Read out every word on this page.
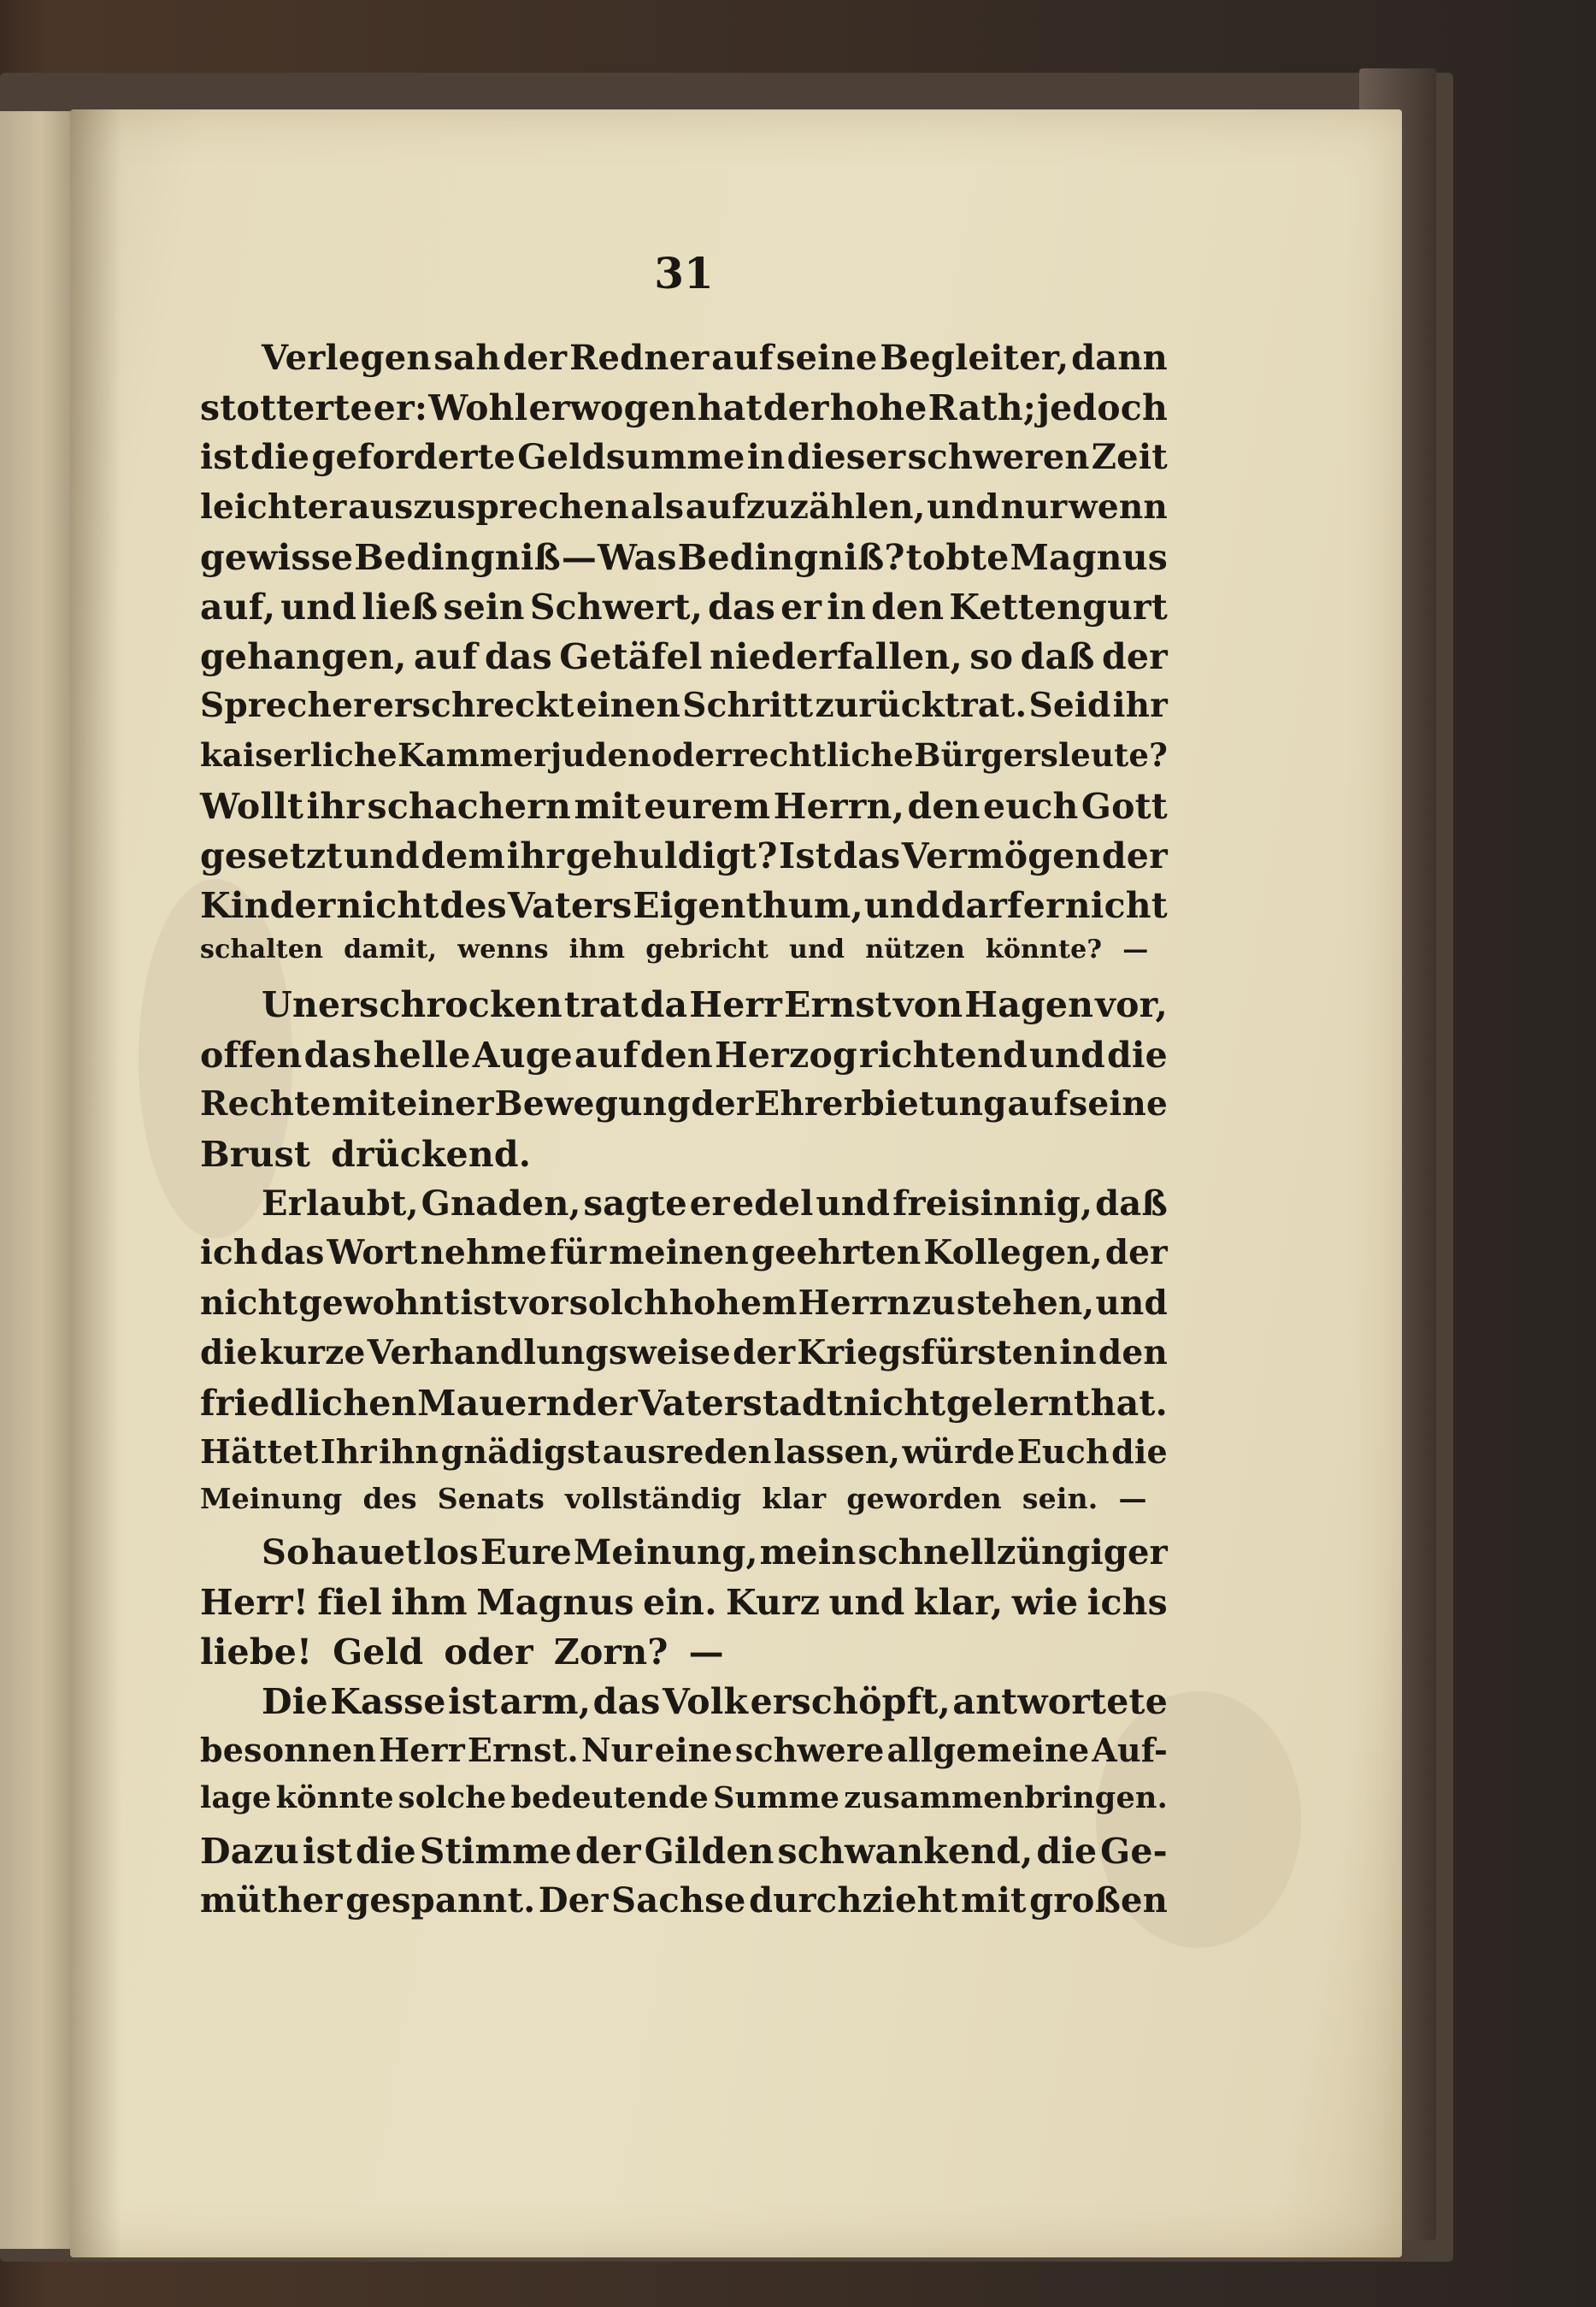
31
Verlegen sah der Redner auf seine Begleiter, dann
stotterte er: Wohl erwogen hat der hohe Rath; jedoch
ist die geforderte Geldsumme in dieser schweren Zeit
leichter auszusprechen als aufzuzählen, und nur wenn
gewisse Bedingniß — Was Bedingniß? tobte Magnus
auf, und ließ sein Schwert, das er in den Kettengurt
gehangen, auf das Getäfel niederfallen, so daß der
Sprecher erschreckt einen Schritt zurücktrat. Seid ihr
kaiserliche Kammerjuden oder rechtliche Bürgersleute?
Wollt ihr schachern mit eurem Herrn, den euch Gott
gesetzt und dem ihr gehuldigt? Ist das Vermögen der
Kinder nicht des Vaters Eigenthum, und darf er nicht
schalten damit, wenns ihm gebricht und nützen könnte? —
Unerschrocken trat da Herr Ernst von Hagen vor,
offen das helle Auge auf den Herzog richtend und die
Rechte mit einer Bewegung der Ehrerbietung auf seine
Brust drückend.
Erlaubt, Gnaden, sagte er edel und freisinnig, daß
ich das Wort nehme für meinen geehrten Kollegen, der
nicht gewohnt ist vor solch hohem Herrn zu stehen, und
die kurze Verhandlungsweise der Kriegsfürsten in den
friedlichen Mauern der Vaterstadt nicht gelernt hat.
Hättet Ihr ihn gnädigst ausreden lassen, würde Euch die
Meinung des Senats vollständig klar geworden sein. —
So hauet los Eure Meinung, mein schnellzüngiger
Herr! fiel ihm Magnus ein. Kurz und klar, wie ichs
liebe! Geld oder Zorn? —
Die Kasse ist arm, das Volk erschöpft, antwortete
besonnen Herr Ernst. Nur eine schwere allgemeine Auf-
lage könnte solche bedeutende Summe zusammenbringen.
Dazu ist die Stimme der Gilden schwankend, die Ge-
müther gespannt. Der Sachse durchzieht mit großen
